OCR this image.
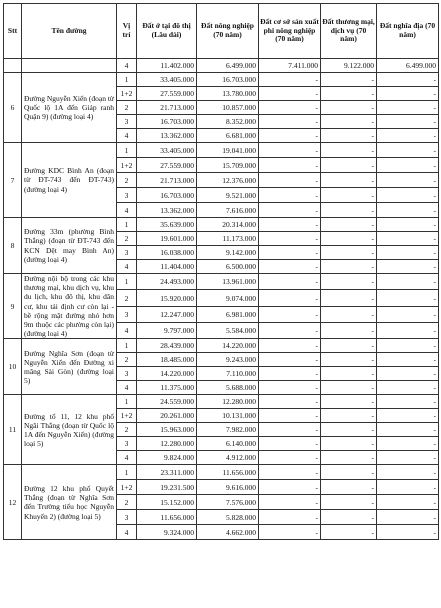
Stt	Tên đường	Vị trí	Đất ở tại đô thị (Lâu dài)	Đất nông nghiệp (70 năm)	Đất cơ sở sản xuất phi nông nghiệp (70 năm)	Đất thương mại, dịch vụ (70 năm)	Đất nghĩa địa (70 năm)
		4	11.402.000	6.499.000	7.411.000	9.122.000	6.499.000
6	Đường Nguyễn Xiển (đoạn từ Quốc lộ 1A đến Giáp ranh Quận 9) (đường loại 4)	1	33.405.000	16.703.000	-	-	-
		1+2	27.559.000	13.780.000	-	-	-
		2	21.713.000	10.857.000	-	-	-
		3	16.703.000	8.352.000	-	-	-
		4	13.362.000	6.681.000	-	-	-
7	Đường KDC Bình An (đoạn từ ĐT-743 đến ĐT-743) (đường loại 4)	1	33.405.000	19.041.000	-	-	-
		1+2	27.559.000	15.709.000	-	-	-
		2	21.713.000	12.376.000	-	-	-
		3	16.703.000	9.521.000	-	-	-
		4	13.362.000	7.616.000	-	-	-
8	Đường 33m (phường Bình Thắng) (đoạn từ ĐT-743 đến KCN Dệt may Bình An) (đường loại 4)	1	35.639.000	20.314.000	-	-	-
		2	19.601.000	11.173.000	-	-	-
		3	16.038.000	9.142.000	-	-	-
		4	11.404.000	6.500.000	-	-	-
9	Đường nội bộ trong các khu thương mại, khu dịch vụ, khu du lịch, khu đô thị, khu dân cư, khu tái định cư còn lại - bề rộng mặt đường nhỏ hơn 9m thuộc các phường còn lại) (đường loại 4)	1	24.493.000	13.961.000	-	-	-
		2	15.920.000	9.074.000	-	-	-
		3	12.247.000	6.981.000	-	-	-
		4	9.797.000	5.584.000	-	-	-
10	Đường Nghĩa Sơn (đoạn từ Nguyễn Xiển đến Đường xi măng Sài Gòn) (đường loại 5)	1	28.439.000	14.220.000	-	-	-
		2	18.485.000	9.243.000	-	-	-
		3	14.220.000	7.110.000	-	-	-
		4	11.375.000	5.688.000	-	-	-
11	Đường tổ 11, 12 khu phố Ngãi Thắng (đoạn từ Quốc lộ 1A đến Nguyễn Xiển) (đường loại 5)	1	24.559.000	12.280.000	-	-	-
		1+2	20.261.000	10.131.000	-	-	-
		2	15.963.000	7.982.000	-	-	-
		3	12.280.000	6.140.000	-	-	-
		4	9.824.000	4.912.000	-	-	-
12	Đường 12 khu phố Quyết Thắng (đoạn từ Nghĩa Sơn đến Trường tiểu học Nguyễn Khuyến 2) (đường loại 5)	1	23.311.000	11.656.000	-	-	-
		1+2	19.231.500	9.616.000	-	-	-
		2	15.152.000	7.576.000	-	-	-
		3	11.656.000	5.828.000	-	-	-
		4	9.324.000	4.662.000	-	-	-
